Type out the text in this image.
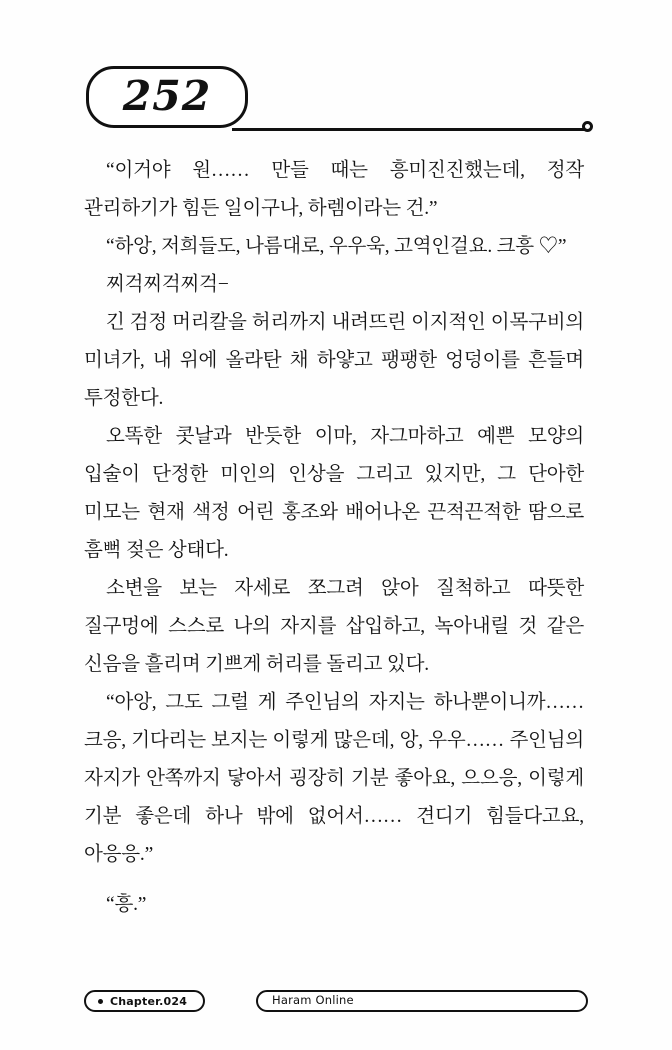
252

“이거야 원…… 만들 때는 흥미진진했는데, 정작 관리하기가 힘든 일이구나, 하렘이라는 건.”

“하앙, 저희들도, 나름대로, 우우욱, 고역인걸요. 크흥 ♡”

찌걱찌걱찌걱−

긴 검정 머리칼을 허리까지 내려뜨린 이지적인 이목구비의 미녀가, 내 위에 올라탄 채 하얗고 팽팽한 엉덩이를 흔들며 투정한다.

오똑한 콧날과 반듯한 이마, 자그마하고 예쁜 모양의 입술이 단정한 미인의 인상을 그리고 있지만, 그 단아한 미모는 현재 색정 어린 홍조와 배어나온 끈적끈적한 땀으로 흠뻑 젖은 상태다.

소변을 보는 자세로 쪼그려 앉아 질척하고 따뜻한 질구멍에 스스로 나의 자지를 삽입하고, 녹아내릴 것 같은 신음을 흘리며 기쁘게 허리를 돌리고 있다.

“아앙, 그도 그럴 게 주인님의 자지는 하나뿐이니까…… 크응, 기다리는 보지는 이렇게 많은데, 앙, 우우…… 주인님의 자지가 안쪽까지 닿아서 굉장히 기분 좋아요, 으으응, 이렇게 기분 좋은데 하나 밖에 없어서…… 견디기 힘들다고요, 아응응.”

“흥.”

Chapter.024	Haram Online
